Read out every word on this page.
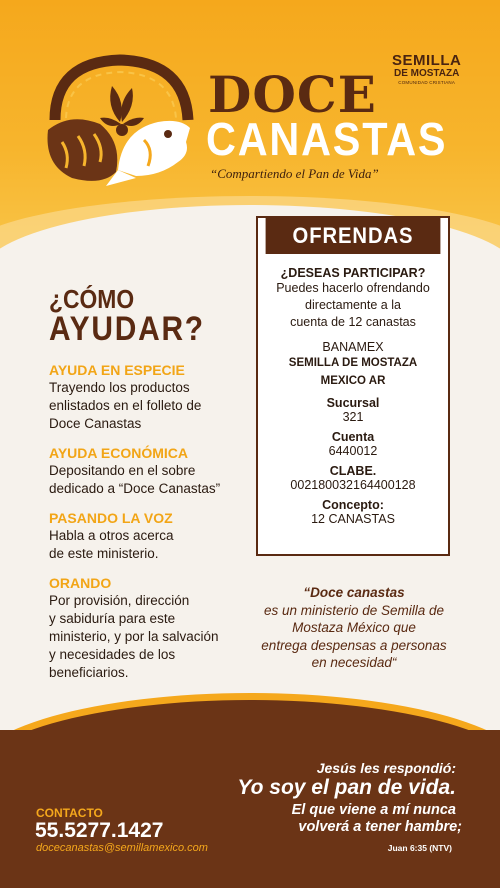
DOCE
CANASTAS
“Compartiendo el Pan de Vida”
SEMILLA
DE MOSTAZA
COMUNIDAD CRISTIANA
OFRENDAS
¿DESEAS PARTICIPAR?
Puedes hacerlo ofrendando
directamente a la
cuenta de 12 canastas
BANAMEX
SEMILLA DE MOSTAZA
MEXICO AR
Sucursal
321
Cuenta
6440012
CLABE.
002180032164400128
Concepto:
12 CANASTAS
¿CÓMO
AYUDAR?
AYUDA EN ESPECIE
Trayendo los productos
enlistados en el folleto de
Doce Canastas
AYUDA ECONÓMICA
Depositando en el sobre
dedicado a “Doce Canastas”
PASANDO LA VOZ
Habla a otros acerca
de este ministerio.
ORANDO
Por provisión, dirección
y sabiduría para este
ministerio, y por la salvación
y necesidades de los
beneficiarios.
“Doce canastas
es un ministerio de Semilla de
Mostaza México que
entrega despensas a personas
en necesidad“
Jesús les respondió:
Yo soy el pan de vida.
El que viene a mí nunca
volverá a tener hambre;
Juan 6:35 (NTV)
CONTACTO
55.5277.1427
docecanastas@semillamexico.com
